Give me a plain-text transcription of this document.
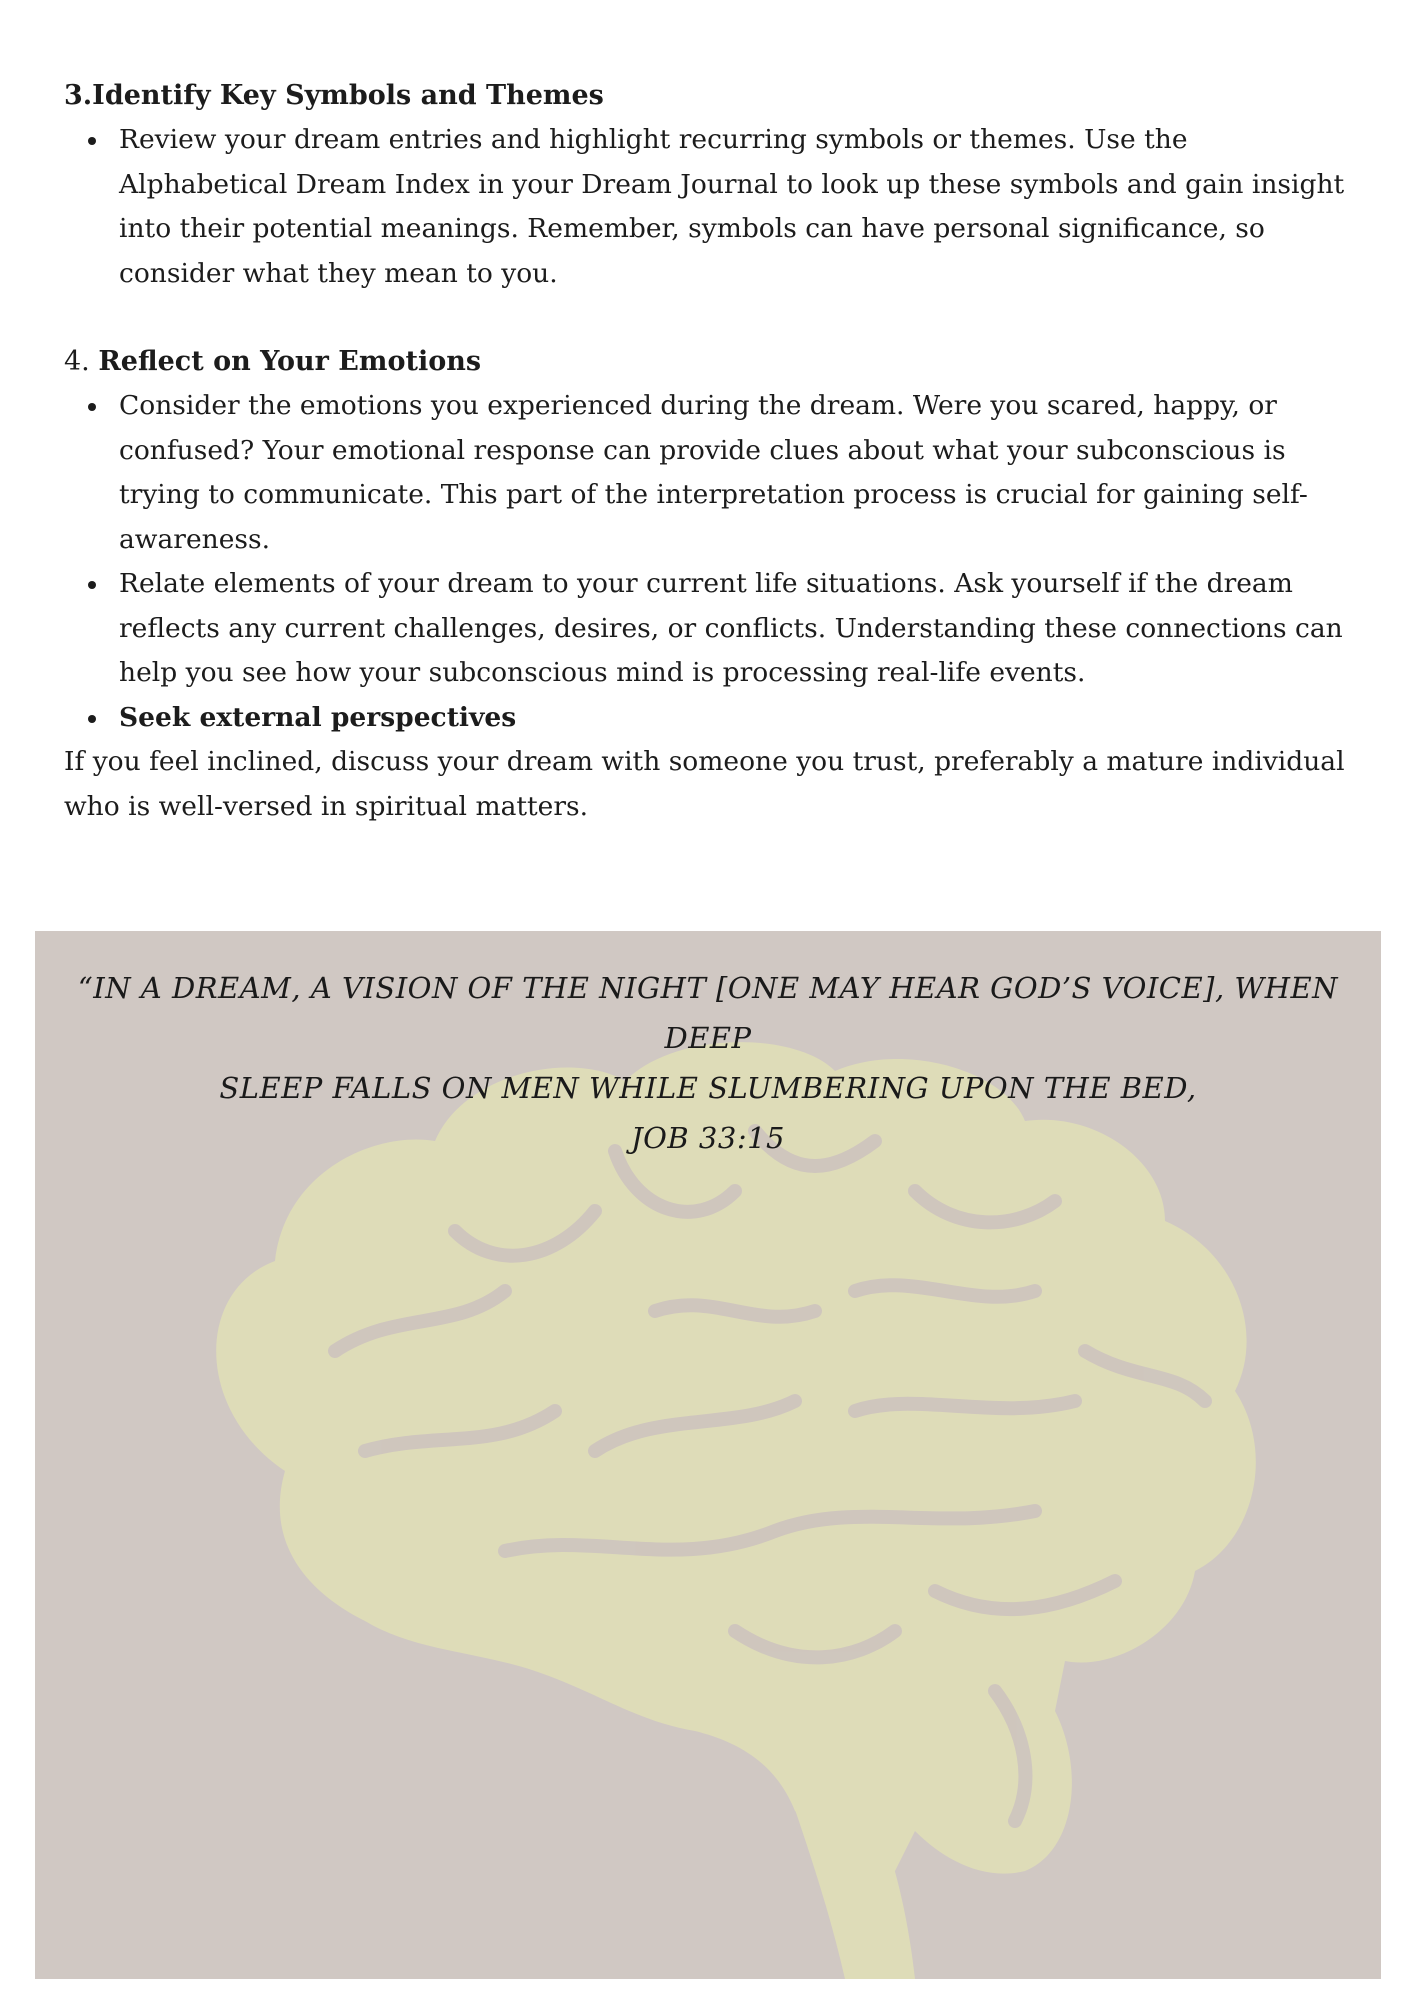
3.Identify Key Symbols and Themes
Review your dream entries and highlight recurring symbols or themes. Use the Alphabetical Dream Index in your Dream Journal to look up these symbols and gain insight into their potential meanings. Remember, symbols can have personal significance, so consider what they mean to you.
4. Reflect on Your Emotions
Consider the emotions you experienced during the dream. Were you scared, happy, or confused? Your emotional response can provide clues about what your subconscious is trying to communicate. This part of the interpretation process is crucial for gaining self-awareness.
Relate elements of your dream to your current life situations. Ask yourself if the dream reflects any current challenges, desires, or conflicts. Understanding these connections can help you see how your subconscious mind is processing real-life events.
Seek external perspectives
If you feel inclined, discuss your dream with someone you trust, preferably a mature individual who is well-versed in spiritual matters.
“IN A DREAM, A VISION OF THE NIGHT [ONE MAY HEAR GOD’S VOICE], WHEN DEEP
SLEEP FALLS ON MEN WHILE SLUMBERING UPON THE BED,
JOB 33:15
